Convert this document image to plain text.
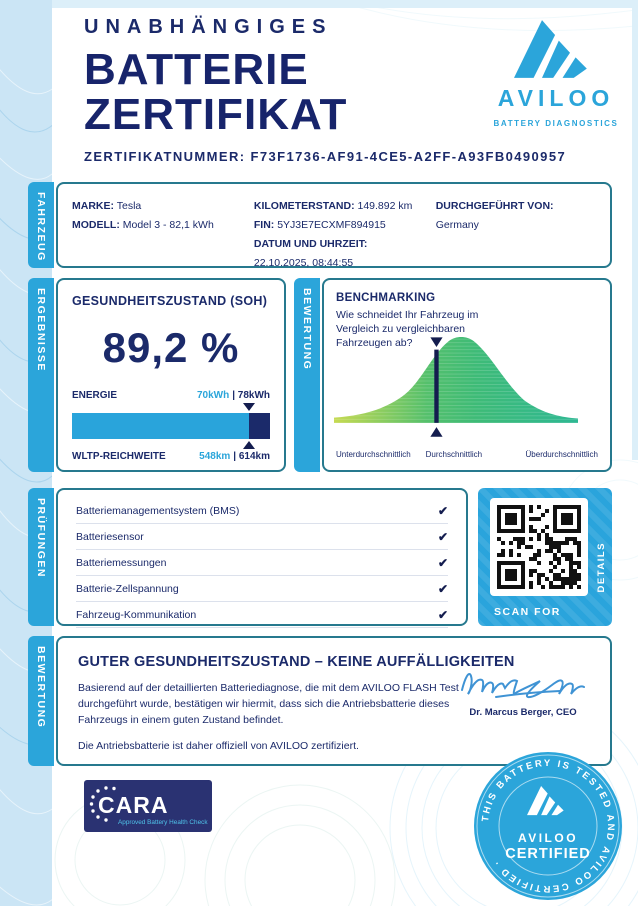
UNABHÄNGIGES
BATTERIE
ZERTIFIKAT
ZERTIFIKATNUMMER: F73F1736-AF91-4CE5-A2FF-A93FB0490957
AVILOO
BATTERY DIAGNOSTICS
FAHRZEUG MARKE: Tesla
MODELL: Model 3 - 82,1 kWh
KILOMETERSTAND: 149.892 km
FIN: 5YJ3E7ECXMF894915
DATUM UND UHRZEIT:
22.10.2025, 08:44:55
DURCHGEFÜHRT VON: Germany
ERGEBNISSE GESUNDHEITSZUSTAND (SOH)
89,2 %
ENERGIE	70kWh | 78kWh
WLTP-REICHWEITE	548km | 614km
BEWERTUNG BENCHMARKING
Wie schneidet Ihr Fahrzeug im Vergleich zu vergleichbaren Fahrzeugen ab?
Unterdurchschnittlich Durchschnittlich	Überdurchschnittlich
PRÜFUNGEN	Batteriemanagementsystem (BMS)	✔
Batteriesensor	✔
Batteriemessungen	✔
Batterie-Zellspannung	✔
Fahrzeug-Kommunikation	✔	SCAN FOR
DETAILS
BEWERTUNG GUTER GESUNDHEITSZUSTAND – KEINE AUFFÄLLIGKEITEN
Basierend auf der detaillierten Batteriediagnose, die mit dem AVILOO FLASH Test durchgeführt wurde, bestätigen wir hiermit, dass sich die Antriebsbatterie dieses Fahrzeugs in einem guten Zustand befindet.
Die Antriebsbatterie ist daher offiziell von AVILOO zertifiziert.
Dr. Marcus Berger, CEO
CARA
Approved Battery Health Check
THIS BATTERY IS TESTED AND AVILOO CERTIFIED ·
AVILOO
CERTIFIED
